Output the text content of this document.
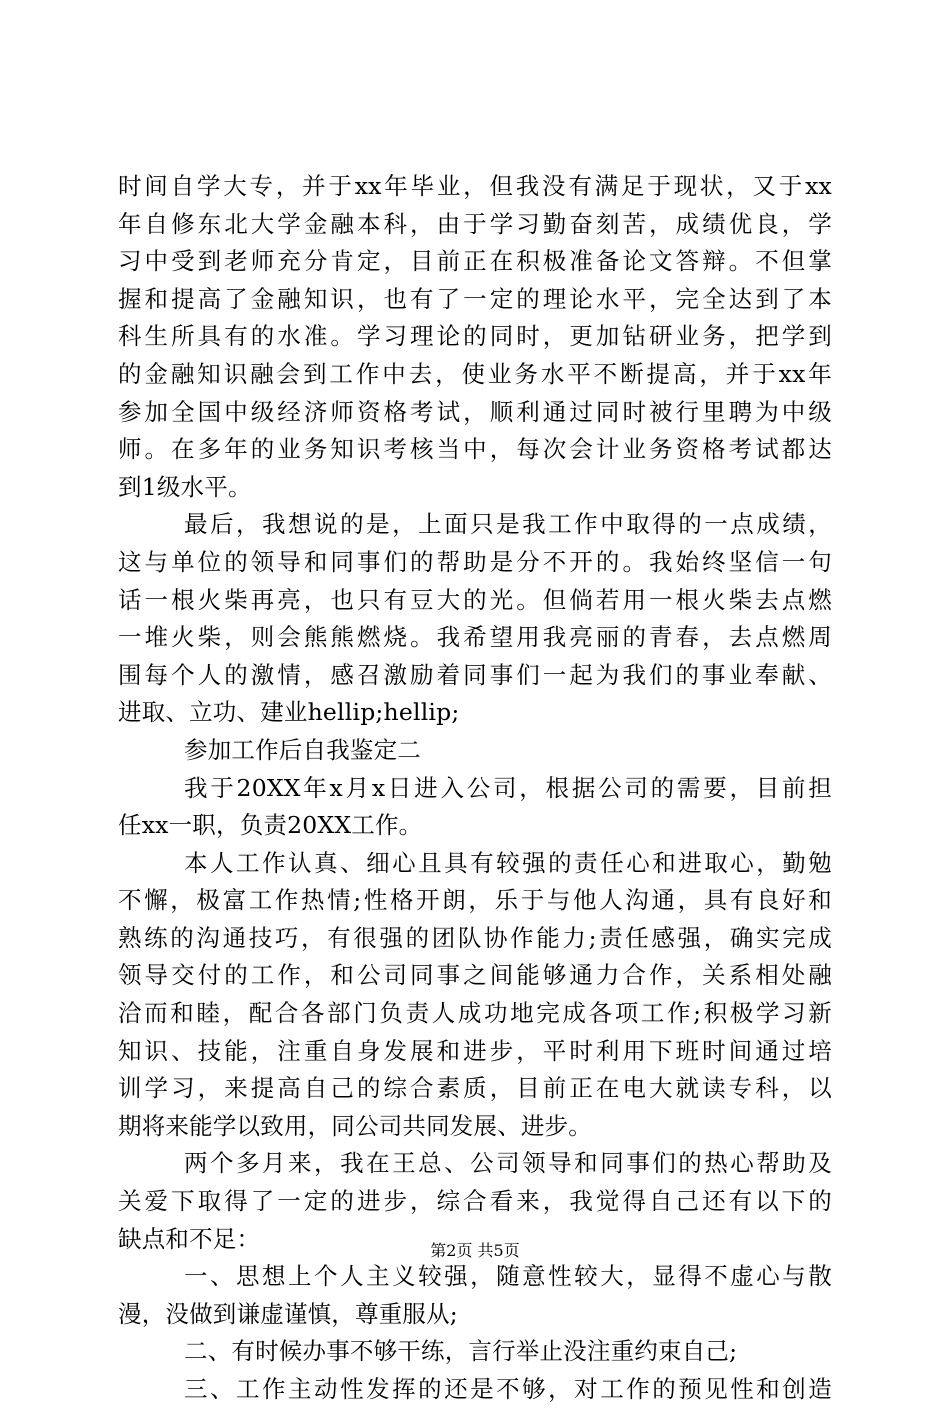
时间自学大专，并于xx年毕业，但我没有满足于现状，又于xx
年自修东北大学金融本科，由于学习勤奋刻苦，成绩优良，学
习中受到老师充分肯定，目前正在积极准备论文答辩。不但掌
握和提高了金融知识，也有了一定的理论水平，完全达到了本
科生所具有的水准。学习理论的同时，更加钻研业务，把学到
的金融知识融会到工作中去，使业务水平不断提高，并于xx年
参加全国中级经济师资格考试，顺利通过同时被行里聘为中级
师。在多年的业务知识考核当中，每次会计业务资格考试都达
到1级水平。
最后，我想说的是，上面只是我工作中取得的一点成绩，
这与单位的领导和同事们的帮助是分不开的。我始终坚信一句
话一根火柴再亮，也只有豆大的光。但倘若用一根火柴去点燃
一堆火柴，则会熊熊燃烧。我希望用我亮丽的青春，去点燃周
围每个人的激情，感召激励着同事们一起为我们的事业奉献、
进取、立功、建业hellip;hellip;
参加工作后自我鉴定二
我于20XX年x月x日进入公司，根据公司的需要，目前担
任xx一职，负责20XX工作。
本人工作认真、细心且具有较强的责任心和进取心，勤勉
不懈，极富工作热情;性格开朗，乐于与他人沟通，具有良好和
熟练的沟通技巧，有很强的团队协作能力;责任感强，确实完成
领导交付的工作，和公司同事之间能够通力合作，关系相处融
洽而和睦，配合各部门负责人成功地完成各项工作;积极学习新
知识、技能，注重自身发展和进步，平时利用下班时间通过培
训学习，来提高自己的综合素质，目前正在电大就读专科，以
期将来能学以致用，同公司共同发展、进步。
两个多月来，我在王总、公司领导和同事们的热心帮助及
关爱下取得了一定的进步，综合看来，我觉得自己还有以下的
缺点和不足：
一、思想上个人主义较强，随意性较大，显得不虚心与散
漫，没做到谦虚谨慎，尊重服从;
二、有时候办事不够干练，言行举止没注重约束自己;
三、工作主动性发挥的还是不够，对工作的预见性和创造
第2页 共5页
